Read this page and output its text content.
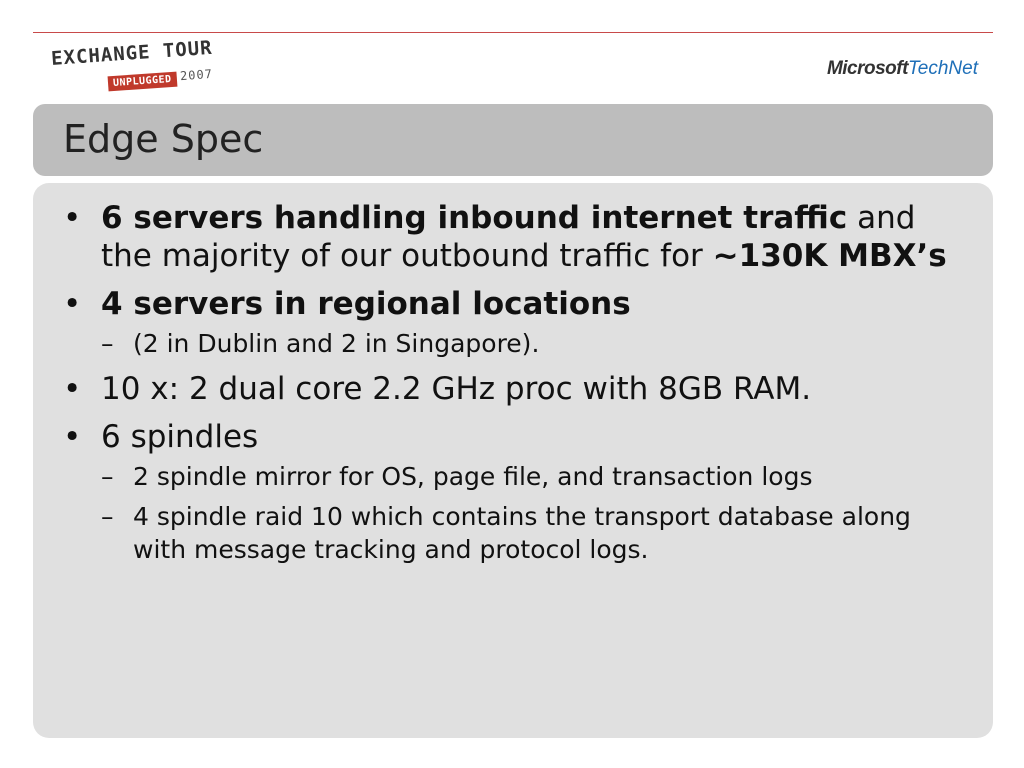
EXCHANGE TOUR
UNPLUGGED 2007	MicrosoftTechNet
Edge Spec
• 6 servers handling inbound internet traffic and the majority of our outbound traffic for ~130K MBX’s
• 4 servers in regional locations
– (2 in Dublin and 2 in Singapore).
• 10 x: 2 dual core 2.2 GHz proc with 8GB RAM.
• 6 spindles
– 2 spindle mirror for OS, page file, and transaction logs
– 4 spindle raid 10 which contains the transport database along with message tracking and protocol logs.
